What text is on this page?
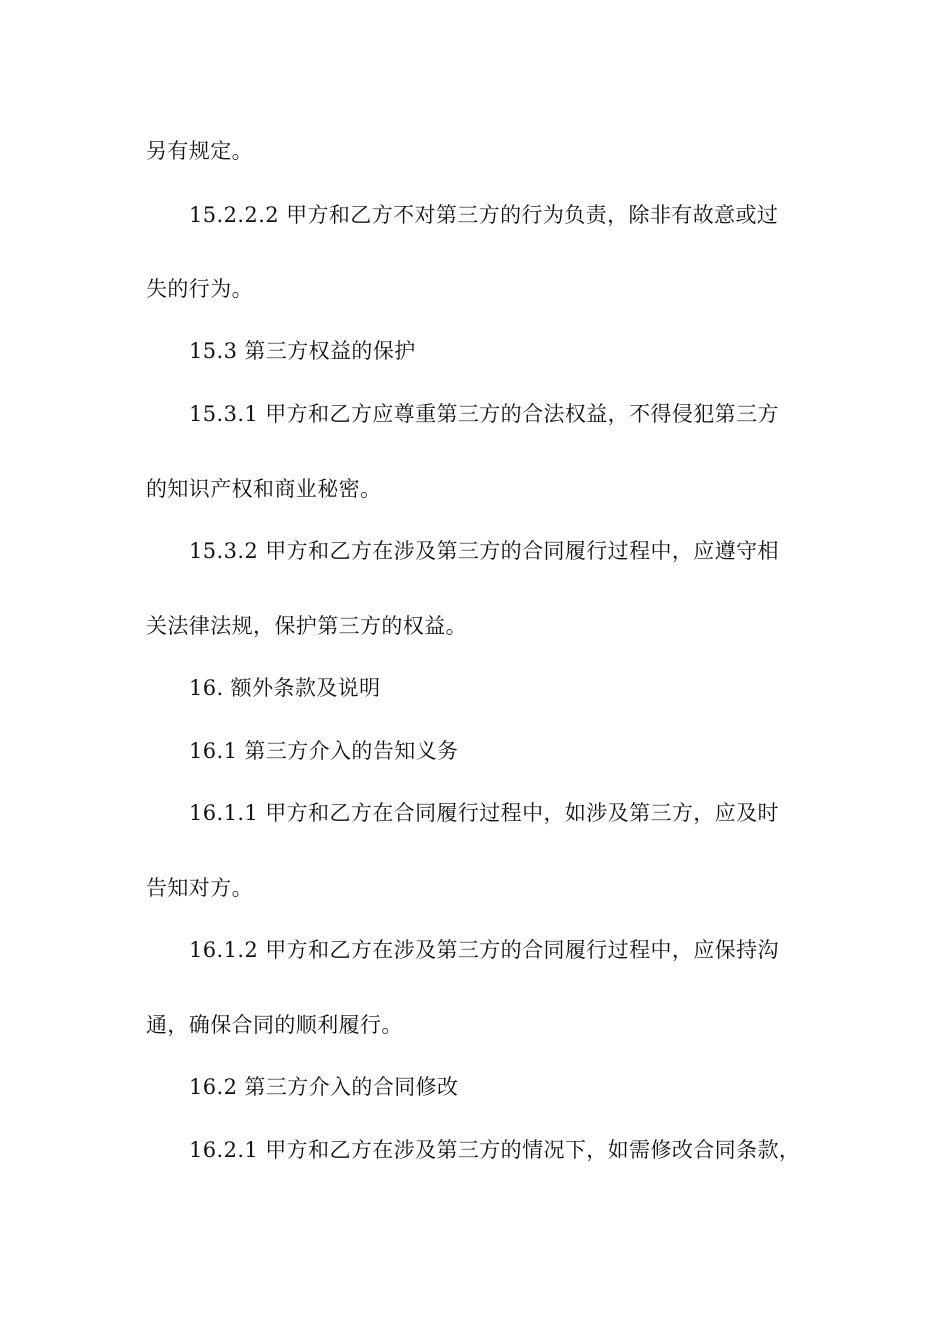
另有规定。
15.2.2.2 甲方和乙方不对第三方的行为负责，除非有故意或过
失的行为。
15.3 第三方权益的保护
15.3.1 甲方和乙方应尊重第三方的合法权益，不得侵犯第三方
的知识产权和商业秘密。
15.3.2 甲方和乙方在涉及第三方的合同履行过程中，应遵守相
关法律法规，保护第三方的权益。
16. 额外条款及说明
16.1 第三方介入的告知义务
16.1.1 甲方和乙方在合同履行过程中，如涉及第三方，应及时
告知对方。
16.1.2 甲方和乙方在涉及第三方的合同履行过程中，应保持沟
通，确保合同的顺利履行。
16.2 第三方介入的合同修改
16.2.1 甲方和乙方在涉及第三方的情况下，如需修改合同条款，
